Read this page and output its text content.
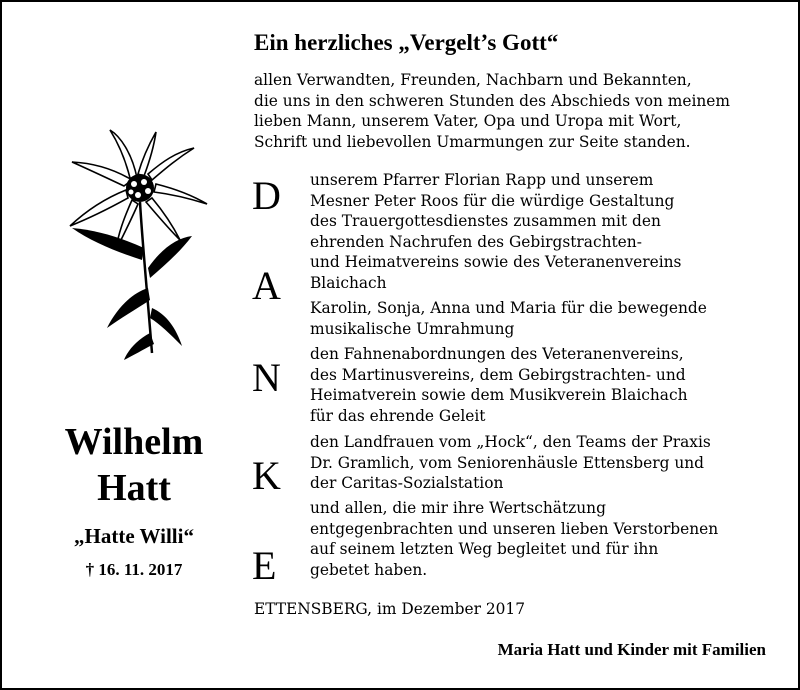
Wilhelm
Hatt
„Hatte Willi“
† 16. 11. 2017
Ein herzliches „Vergelt’s Gott“
allen Verwandten, Freunden, Nachbarn und Bekannten,
die uns in den schweren Stunden des Abschieds von meinem
lieben Mann, unserem Vater, Opa und Uropa mit Wort,
Schrift und liebevollen Umarmungen zur Seite standen.
D
A
N
K
E
unserem Pfarrer Florian Rapp und unserem
Mesner Peter Roos für die würdige Gestaltung
des Trauergottesdienstes zusammen mit den
ehrenden Nachrufen des Gebirgstrachten-
und Heimatvereins sowie des Veteranenvereins
Blaichach
Karolin, Sonja, Anna und Maria für die bewegende
musikalische Umrahmung
den Fahnenabordnungen des Veteranenvereins,
des Martinusvereins, dem Gebirgstrachten- und
Heimatverein sowie dem Musikverein Blaichach
für das ehrende Geleit
den Landfrauen vom „Hock“, den Teams der Praxis
Dr. Gramlich, vom Seniorenhäusle Ettensberg und
der Caritas-Sozialstation
und allen, die mir ihre Wertschätzung
entgegenbrachten und unseren lieben Verstorbenen
auf seinem letzten Weg begleitet und für ihn
gebetet haben.
ETTENSBERG, im Dezember 2017
Maria Hatt und Kinder mit Familien
